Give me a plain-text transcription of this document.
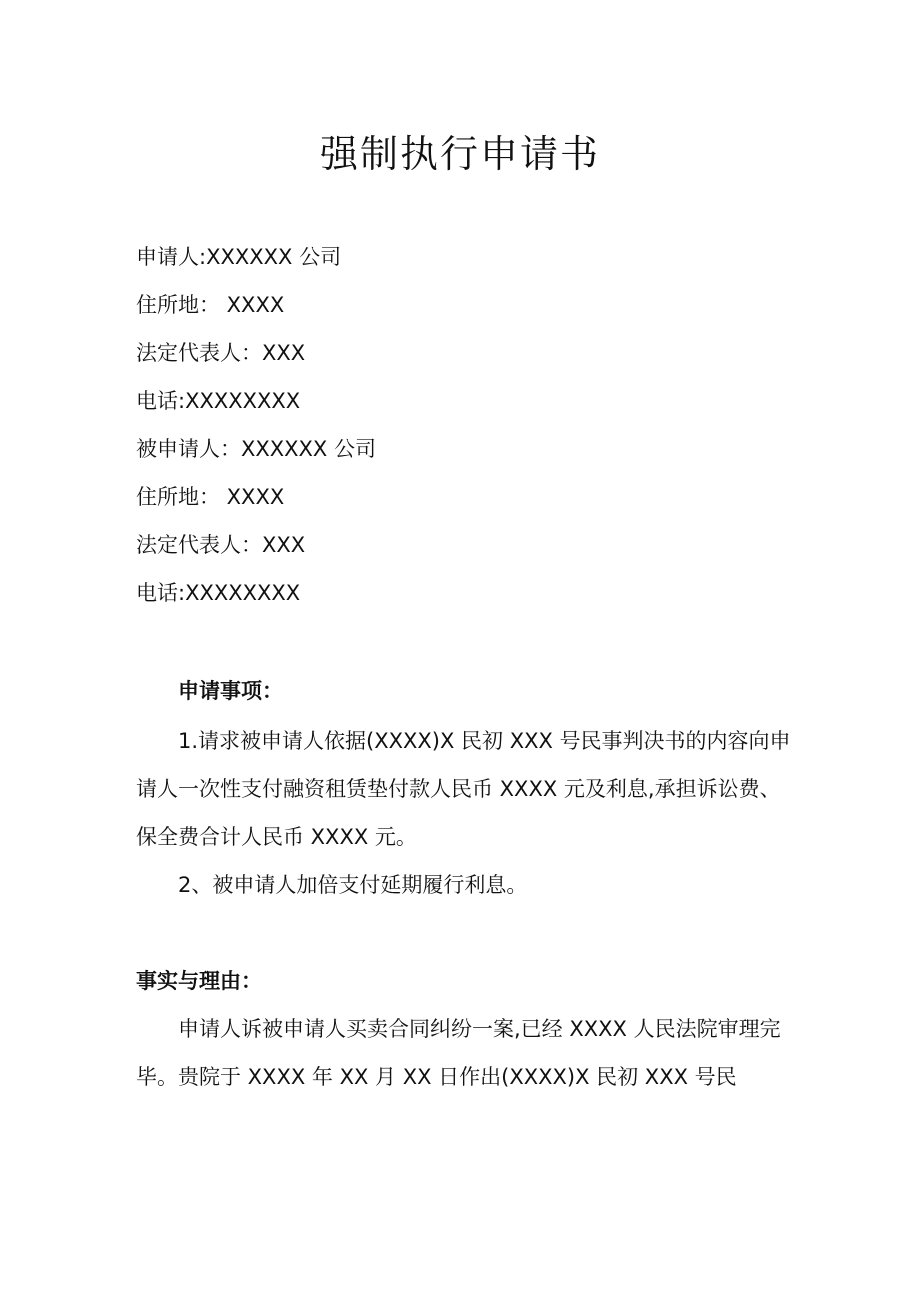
强制执行申请书

申请人:XXXXXX 公司

住所地： XXXX

法定代表人：XXX

电话:XXXXXXXX

被申请人：XXXXXX 公司

住所地： XXXX

法定代表人：XXX

电话:XXXXXXXX

申请事项：

1.请求被申请人依据(XXXX)X 民初 XXX 号民事判决书的内容向申

请人一次性支付融资租赁垫付款人民币 XXXX 元及利息,承担诉讼费、

保全费合计人民币 XXXX 元。

2、被申请人加倍支付延期履行利息。

事实与理由：

申请人诉被申请人买卖合同纠纷一案,已经 XXXX 人民法院审理完

毕。贵院于 XXXX 年 XX 月 XX 日作出(XXXX)X 民初 XXX 号民
